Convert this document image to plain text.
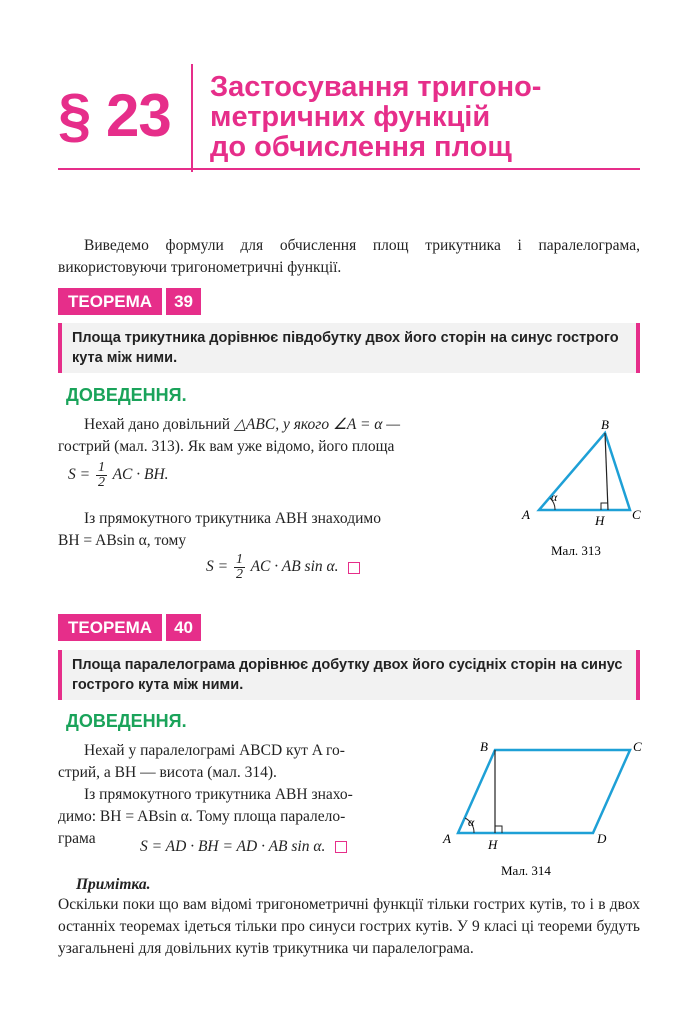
§ 23 Застосування тригоно-
метричних функцій
до обчислення площ
Виведемо формули для обчислення площ трикутника і паралелограма, використовуючи тригонометричні функції.
ТЕОРЕМА	39
Площа трикутника дорівнює півдобутку двох його сторін на синус гострого кута між ними.
ДОВЕДЕННЯ.
Нехай дано довільний △ABC, у якого ∠A = α —
гострий (мал. 313). Як вам уже відомо, його площа
$S = \frac{1}{2}$ AC · BH.
Із прямокутного трикутника ABH знаходимо
BH = ABsin α, тому
$S = \frac{1}{2}$ AC · AB sin α.
α
A
B
C
H
Мал. 313
ТЕОРЕМА	40
Площа паралелограма дорівнює добутку двох його сусідніх сторін на синус гострого кута між ними.
ДОВЕДЕННЯ.
Нехай у паралелограмі ABCD кут A го-
стрий, а BH — висота (мал. 314).
Із прямокутного трикутника ABH знахо-
димо: BH = ABsin α. Тому площа паралело-
грама	S = AD · BH = AD · AB sin α.
α
A
B	C
D
H
Мал. 314
Примітка.
Оскільки поки що вам відомі тригонометричні функції тільки гострих кутів, то і в двох останніх теоремах ідеться тільки про синуси гострих кутів. У 9 класі ці теореми будуть узагальнені для довільних кутів трикутника чи паралелограма.
